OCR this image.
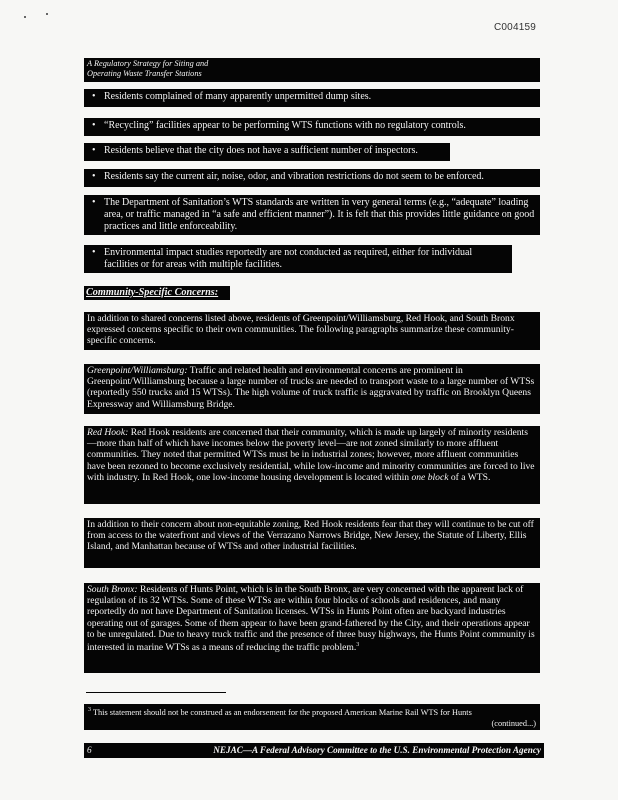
C004159
A Regulatory Strategy for Siting and
Operating Waste Transfer Stations
• Residents complained of many apparently unpermitted dump sites.
• “Recycling” facilities appear to be performing WTS functions with no regulatory controls.
• Residents believe that the city does not have a sufficient number of inspectors.
• Residents say the current air, noise, odor, and vibration restrictions do not seem to be enforced.
• The Department of Sanitation’s WTS standards are written in very general terms (e.g., “adequate” loading area, or traffic managed in “a safe and efficient manner”). It is felt that this provides little guidance on good practices and little enforceability.
• Environmental impact studies reportedly are not conducted as required, either for individual facilities or for areas with multiple facilities.
Community-Specific Concerns:
In addition to shared concerns listed above, residents of Greenpoint/Williamsburg, Red Hook, and South Bronx expressed concerns specific to their own communities. The following paragraphs summarize these community-specific concerns.
Greenpoint/Williamsburg: Traffic and related health and environmental concerns are prominent in Greenpoint/Williamsburg because a large number of trucks are needed to transport waste to a large number of WTSs (reportedly 550 trucks and 15 WTSs). The high volume of truck traffic is aggravated by traffic on Brooklyn Queens Expressway and Williamsburg Bridge.
Red Hook: Red Hook residents are concerned that their community, which is made up largely of minority residents—more than half of which have incomes below the poverty level—are not zoned similarly to more affluent communities. They noted that permitted WTSs must be in industrial zones; however, more affluent communities have been rezoned to become exclusively residential, while low-income and minority communities are forced to live with industry. In Red Hook, one low-income housing development is located within one block of a WTS.
In addition to their concern about non-equitable zoning, Red Hook residents fear that they will continue to be cut off from access to the waterfront and views of the Verrazano Narrows Bridge, New Jersey, the Statute of Liberty, Ellis Island, and Manhattan because of WTSs and other industrial facilities.
South Bronx: Residents of Hunts Point, which is in the South Bronx, are very concerned with the apparent lack of regulation of its 32 WTSs. Some of these WTSs are within four blocks of schools and residences, and many reportedly do not have Department of Sanitation licenses. WTSs in Hunts Point often are backyard industries operating out of garages. Some of them appear to have been grand-fathered by the City, and their operations appear to be unregulated. Due to heavy truck traffic and the presence of three busy highways, the Hunts Point community is interested in marine WTSs as a means of reducing the traffic problem.$^3$
$^3$ This statement should not be construed as an endorsement for the proposed American Marine Rail WTS for Hunts
(continued...)
6	NEJAC—A Federal Advisory Committee to the U.S. Environmental Protection Agency
